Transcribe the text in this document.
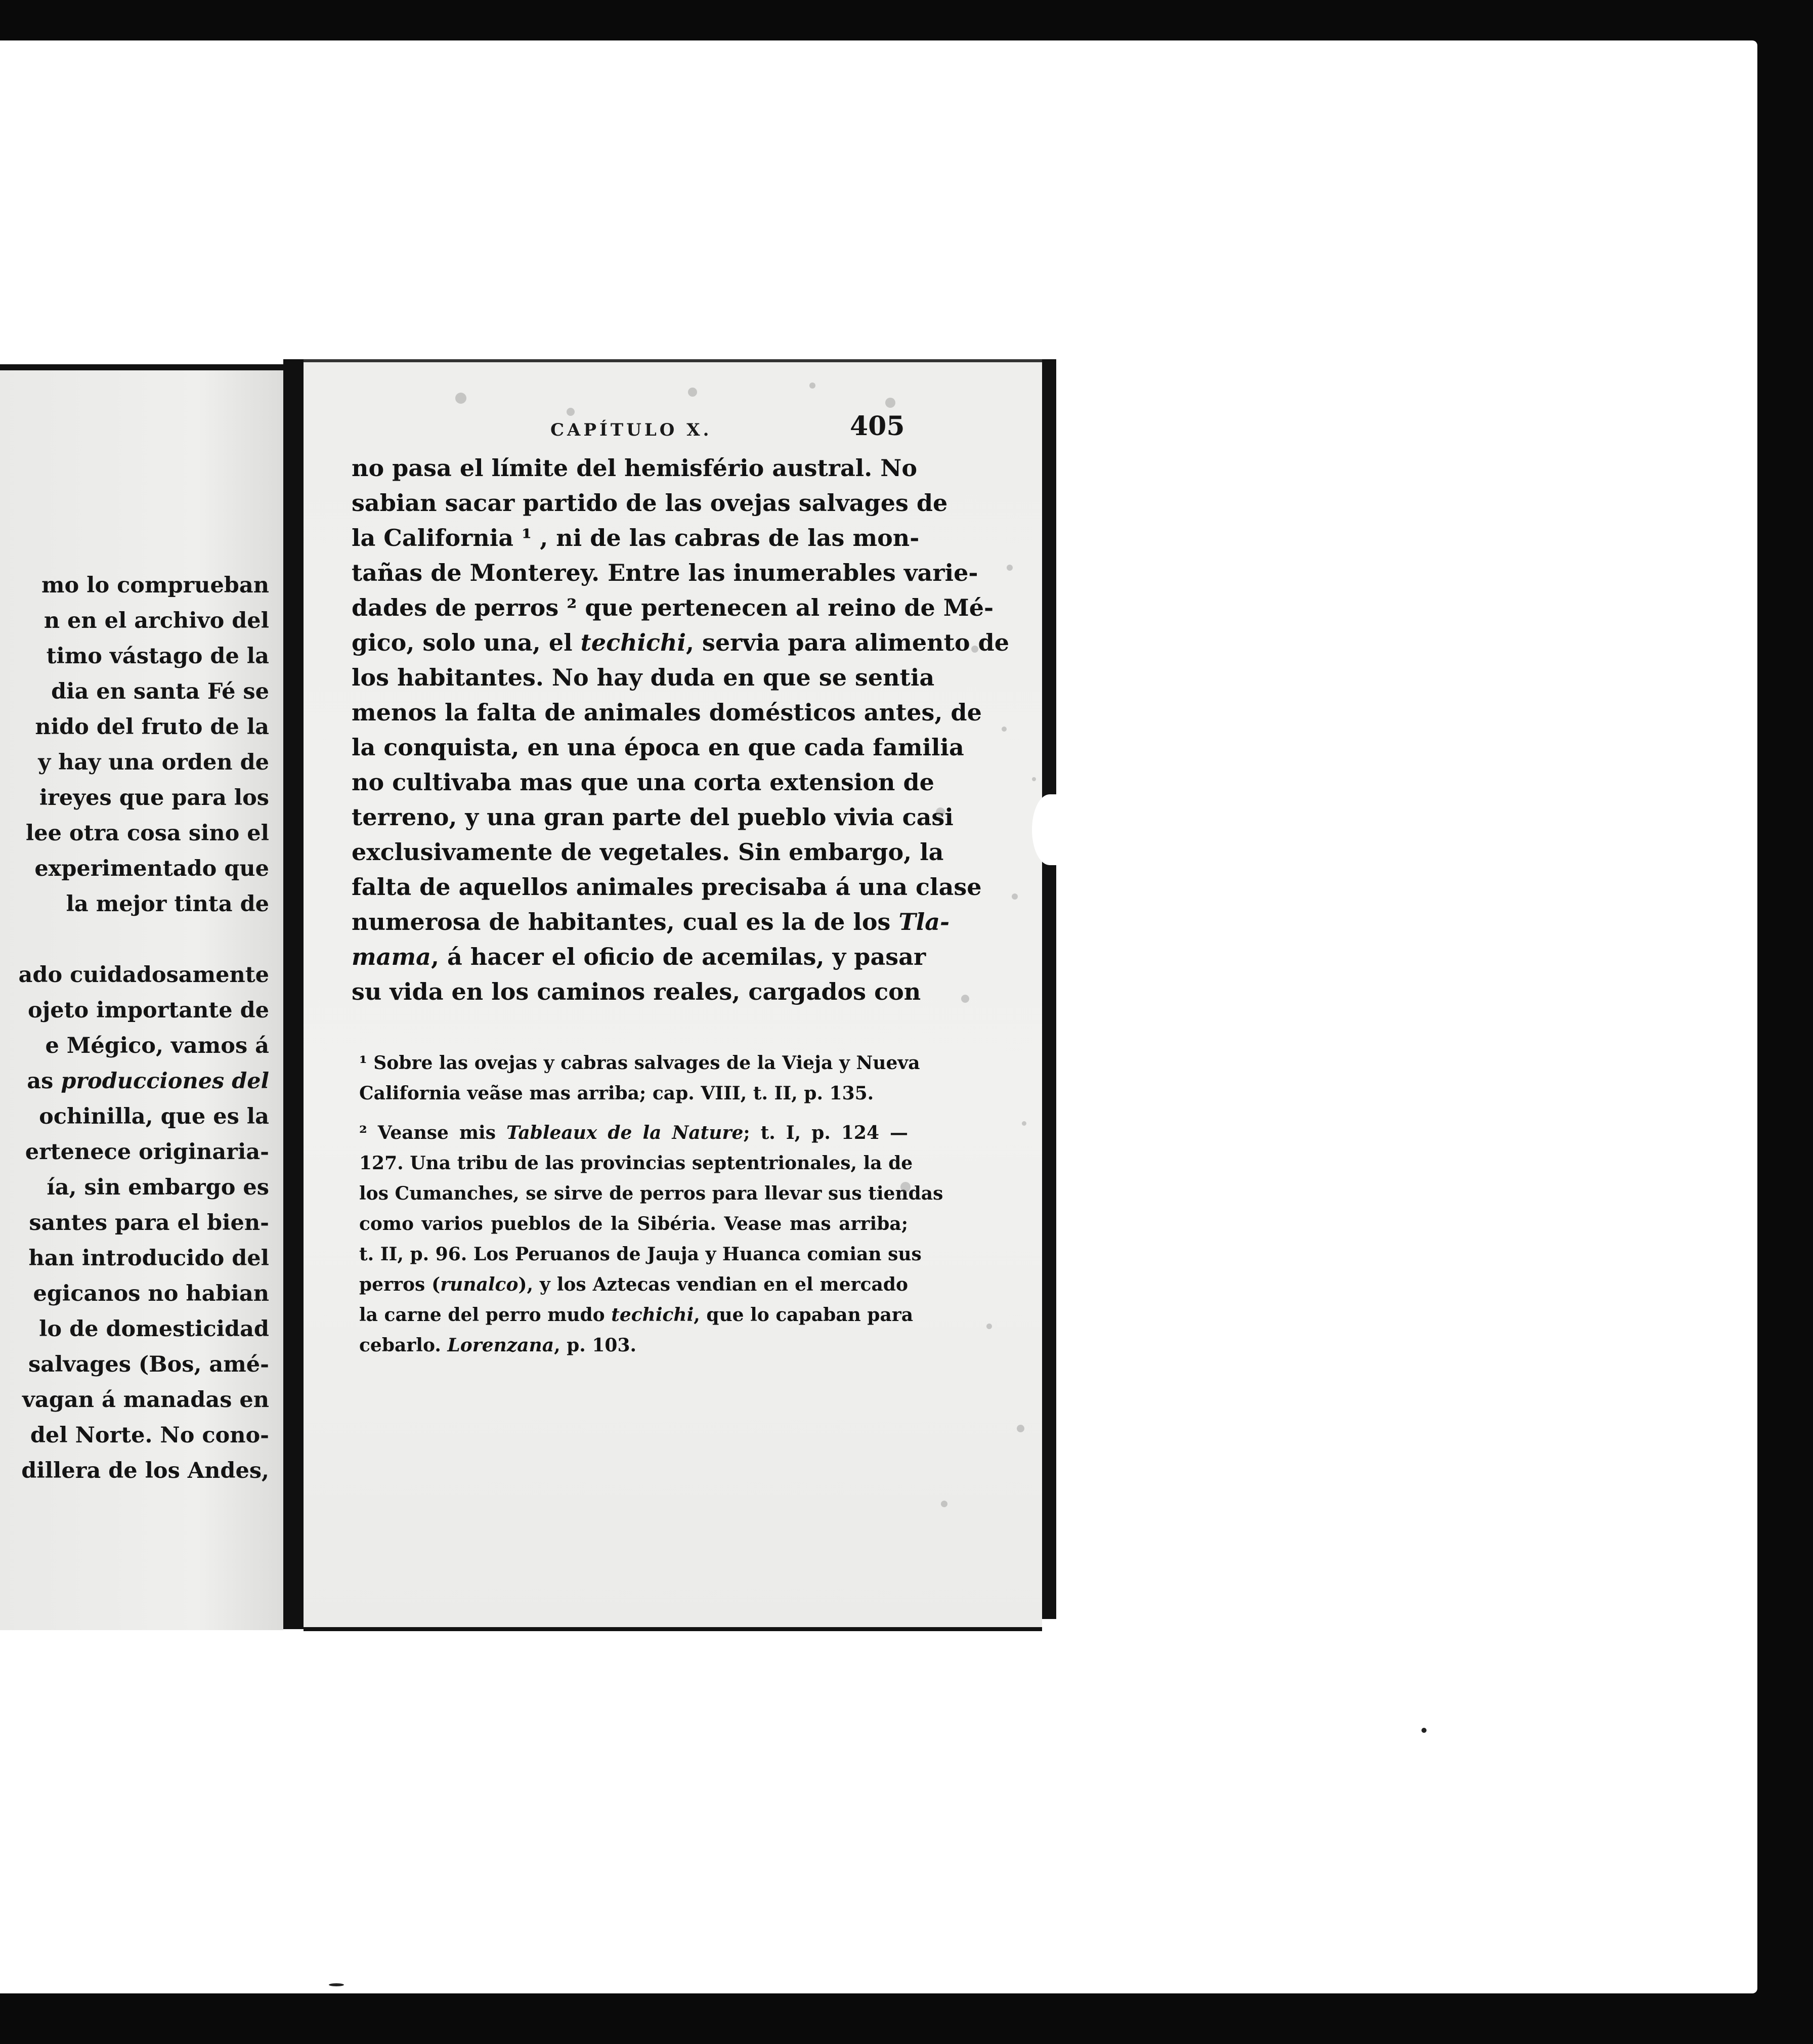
mo lo comprueban
n en el archivo del
timo vástago de la
dia en santa Fé se
nido del fruto de la
y hay una orden de
ireyes que para los
lee otra cosa sino el
experimentado que
la mejor tinta de
ado cuidadosamente
ojeto importante de
e Mégico, vamos á
as producciones del
ochinilla, que es la
ertenece originaria-
ía, sin embargo es
santes para el bien-
han introducido del
egicanos no habian
lo de domesticidad
salvages (Bos, amé-
vagan á manadas en
del Norte. No cono-
dillera de los Andes,

CAPÍTULO X.	405
no pasa el límite del hemisfério austral. No
sabian sacar partido de las ovejas salvages de
la California ¹ , ni de las cabras de las mon-
tañas de Monterey. Entre las inumerables varie-
dades de perros ² que pertenecen al reino de Mé-
gico, solo una, el techichi, servia para alimento de
los habitantes. No hay duda en que se sentia
menos la falta de animales domésticos antes, de
la conquista, en una época en que cada familia
no cultivaba mas que una corta extension de
terreno, y una gran parte del pueblo vivia casi
exclusivamente de vegetales. Sin embargo, la
falta de aquellos animales precisaba á una clase
numerosa de habitantes, cual es la de los Tla-
mama, á hacer el oficio de acemilas, y pasar
su vida en los caminos reales, cargados con
¹ Sobre las ovejas y cabras salvages de la Vieja y Nueva
California veãse mas arriba; cap. VIII, t. II, p. 135.
² Veanse mis Tableaux de la Nature; t. I, p. 124 —
127. Una tribu de las provincias septentrionales, la de
los Cumanches, se sirve de perros para llevar sus tiendas
como varios pueblos de la Sibéria. Vease mas arriba;
t. II, p. 96. Los Peruanos de Jauja y Huanca comian sus
perros (runalco), y los Aztecas vendian en el mercado
la carne del perro mudo techichi, que lo capaban para
cebarlo. Lorenzana, p. 103.
